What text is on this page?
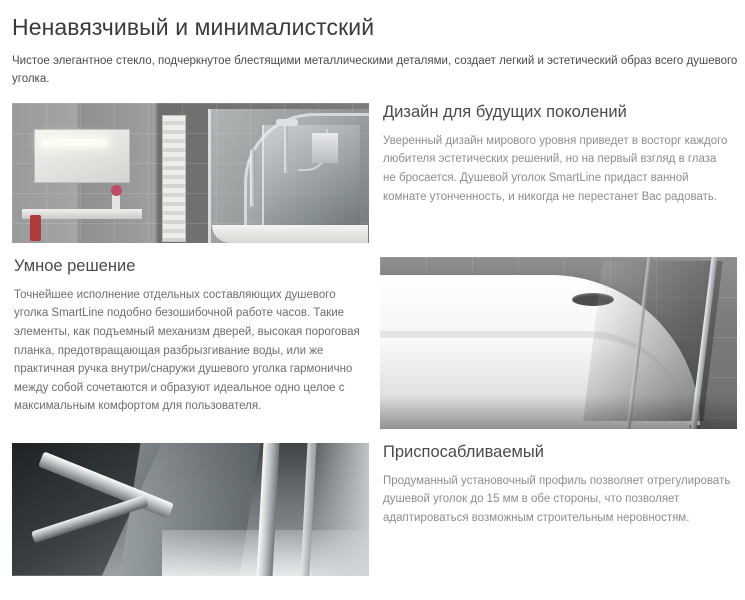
Ненавязчивый и минималистский

Чистое элегантное стекло, подчеркнутое блестящими металлическими деталями, создает легкий и эстетический образ всего душевого уголка.

Дизайн для будущих поколений

Уверенный дизайн мирового уровня приведет в восторг каждого любителя эстетических решений, но на первый взгляд в глаза не бросается. Душевой уголок SmartLine придаст ванной комнате утонченность, и никогда не перестанет Вас радовать.

Умное решение

Точнейшее исполнение отдельных составляющих душевого уголка SmartLine подобно безошибочной работе часов. Такие элементы, как подъемный механизм дверей, высокая пороговая планка, предотвращающая разбрызгивание воды, или же практичная ручка внутри/снаружи душевого уголка гармонично между собой сочетаются и образуют идеальное одно целое с максимальным комфортом для пользователя.

Приспосабливаемый

Продуманный установочный профиль позволяет отрегулировать душевой уголок до 15 мм в обе стороны, что позволяет адаптироваться возможным строительным неровностям.
